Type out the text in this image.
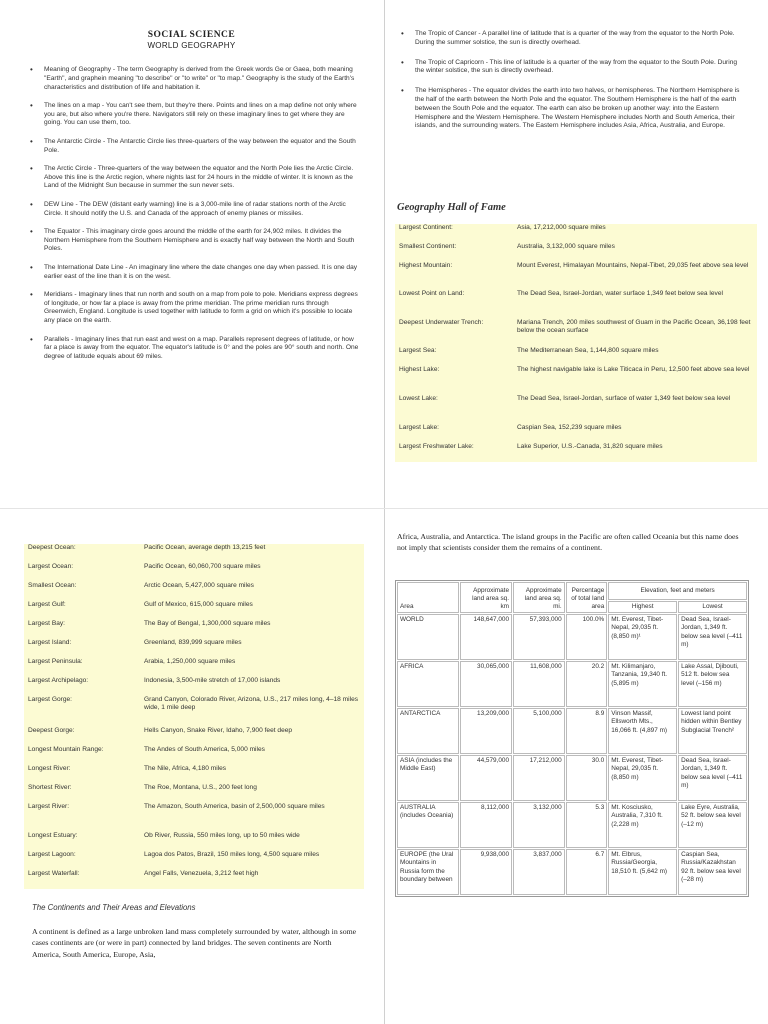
SOCIAL SCIENCE
WORLD GEOGRAPHY
• Meaning of Geography - The term Geography is derived from the Greek words Ge or Gaea, both meaning "Earth", and graphein meaning "to describe" or "to write" or "to map." Geography is the study of the Earth's characteristics and distribution of life and habitation it.
• The lines on a map - You can't see them, but they're there. Points and lines on a map define not only where you are, but also where you're there. Navigators still rely on these imaginary lines to get where they are going. You can use them, too.
• The Antarctic Circle - The Antarctic Circle lies three-quarters of the way between the equator and the South Pole.
• The Arctic Circle - Three-quarters of the way between the equator and the North Pole lies the Arctic Circle. Above this line is the Arctic region, where nights last for 24 hours in the middle of winter. It is known as the Land of the Midnight Sun because in summer the sun never sets.
• DEW Line - The DEW (distant early warning) line is a 3,000-mile line of radar stations north of the Arctic Circle. It should notify the U.S. and Canada of the approach of enemy planes or missiles.
• The Equator - This imaginary circle goes around the middle of the earth for 24,902 miles. It divides the Northern Hemisphere from the Southern Hemisphere and is exactly half way between the North and South Poles.
• The International Date Line - An imaginary line where the date changes one day when passed. It is one day earlier east of the line than it is on the west.
• Meridians - Imaginary lines that run north and south on a map from pole to pole. Meridians express degrees of longitude, or how far a place is away from the prime meridian. The prime meridian runs through Greenwich, England. Longitude is used together with latitude to form a grid on which it's possible to locate any place on the earth.
• Parallels - Imaginary lines that run east and west on a map. Parallels represent degrees of latitude, or how far a place is away from the equator. The equator's latitude is 0° and the poles are 90° south and north. One degree of latitude equals about 69 miles.
• The Tropic of Cancer - A parallel line of latitude that is a quarter of the way from the equator to the North Pole. During the summer solstice, the sun is directly overhead.
• The Tropic of Capricorn - This line of latitude is a quarter of the way from the equator to the South Pole. During the winter solstice, the sun is directly overhead.
• The Hemispheres - The equator divides the earth into two halves, or hemispheres. The Northern Hemisphere is the half of the earth between the North Pole and the equator. The Southern Hemisphere is the half of the earth between the South Pole and the equator. The earth can also be broken up another way: into the Eastern Hemisphere and the Western Hemisphere. The Western Hemisphere includes North and South America, their islands, and the surrounding waters. The Eastern Hemisphere includes Asia, Africa, Australia, and Europe.
Geography Hall of Fame
Largest Continent:	Asia, 17,212,000 square miles
Smallest Continent:	Australia, 3,132,000 square miles
Highest Mountain:	Mount Everest, Himalayan Mountains, Nepal-Tibet, 29,035 feet above sea level
Lowest Point on Land:	The Dead Sea, Israel-Jordan, water surface 1,349 feet below sea level
Deepest Underwater Trench:	Mariana Trench, 200 miles southwest of Guam in the Pacific Ocean, 36,198 feet below the ocean surface
Largest Sea:	The Mediterranean Sea, 1,144,800 square miles
Highest Lake:	The highest navigable lake is Lake Titicaca in Peru, 12,500 feet above sea level
Lowest Lake:	The Dead Sea, Israel-Jordan, surface of water 1,349 feet below sea level
Largest Lake:	Caspian Sea, 152,239 square miles
Largest Freshwater Lake:	Lake Superior, U.S.-Canada, 31,820 square miles
Deepest Ocean:	Pacific Ocean, average depth 13,215 feet
Largest Ocean:	Pacific Ocean, 60,060,700 square miles
Smallest Ocean:	Arctic Ocean, 5,427,000 square miles
Largest Gulf:	Gulf of Mexico, 615,000 square miles
Largest Bay:	The Bay of Bengal, 1,300,000 square miles
Largest Island:	Greenland, 839,999 square miles
Largest Peninsula:	Arabia, 1,250,000 square miles
Largest Archipelago:	Indonesia, 3,500-mile stretch of 17,000 islands
Largest Gorge:	Grand Canyon, Colorado River, Arizona, U.S., 217 miles long, 4–18 miles wide, 1 mile deep
Deepest Gorge:	Hells Canyon, Snake River, Idaho, 7,900 feet deep
Longest Mountain Range:	The Andes of South America, 5,000 miles
Longest River:	The Nile, Africa, 4,180 miles
Shortest River:	The Roe, Montana, U.S., 200 feet long
Largest River:	The Amazon, South America, basin of 2,500,000 square miles
Longest Estuary:	Ob River, Russia, 550 miles long, up to 50 miles wide
Largest Lagoon:	Lagoa dos Patos, Brazil, 150 miles long, 4,500 square miles
Largest Waterfall:	Angel Falls, Venezuela, 3,212 feet high
The Continents and Their Areas and Elevations

A continent is defined as a large unbroken land mass completely surrounded by water, although in some cases continents are (or were in part) connected by land bridges. The seven continents are North America, South America, Europe, Asia,

Africa, Australia, and Antarctica. The island groups in the Pacific are often called Oceania but this name does not imply that scientists consider them the remains of a continent.

Area	Approximate land area sq. km	Approximate land area sq. mi.	Percentage of total land area	Elevation, feet and meters	
				Highest	Lowest
WORLD	148,647,000	57,393,000	100.0%	Mt. Everest, Tibet-Nepal, 29,035 ft. (8,850 m)¹	Dead Sea, Israel-Jordan, 1,349 ft. below sea level (–411 m)
AFRICA	30,065,000	11,608,000	20.2	Mt. Kilimanjaro, Tanzania, 19,340 ft. (5,895 m)	Lake Assal, Djibouti, 512 ft. below sea level (–156 m)
ANTARCTICA	13,209,000	5,100,000	8.9	Vinson Massif, Ellsworth Mts., 16,066 ft. (4,897 m)	Lowest land point hidden within Bentley Subglacial Trench²
ASIA (includes the Middle East)	44,579,000	17,212,000	30.0	Mt. Everest, Tibet-Nepal, 29,035 ft. (8,850 m)	Dead Sea, Israel-Jordan, 1,349 ft. below sea level (–411 m)
AUSTRALIA (includes Oceania)	8,112,000	3,132,000	5.3	Mt. Kosciusko, Australia, 7,310 ft. (2,228 m)	Lake Eyre, Australia, 52 ft. below sea level (–12 m)
EUROPE (the Ural Mountains in Russia form the boundary between	9,938,000	3,837,000	6.7	Mt. Elbrus, Russia/Georgia, 18,510 ft. (5,642 m)	Caspian Sea, Russia/Kazakhstan 92 ft. below sea level (–28 m)
